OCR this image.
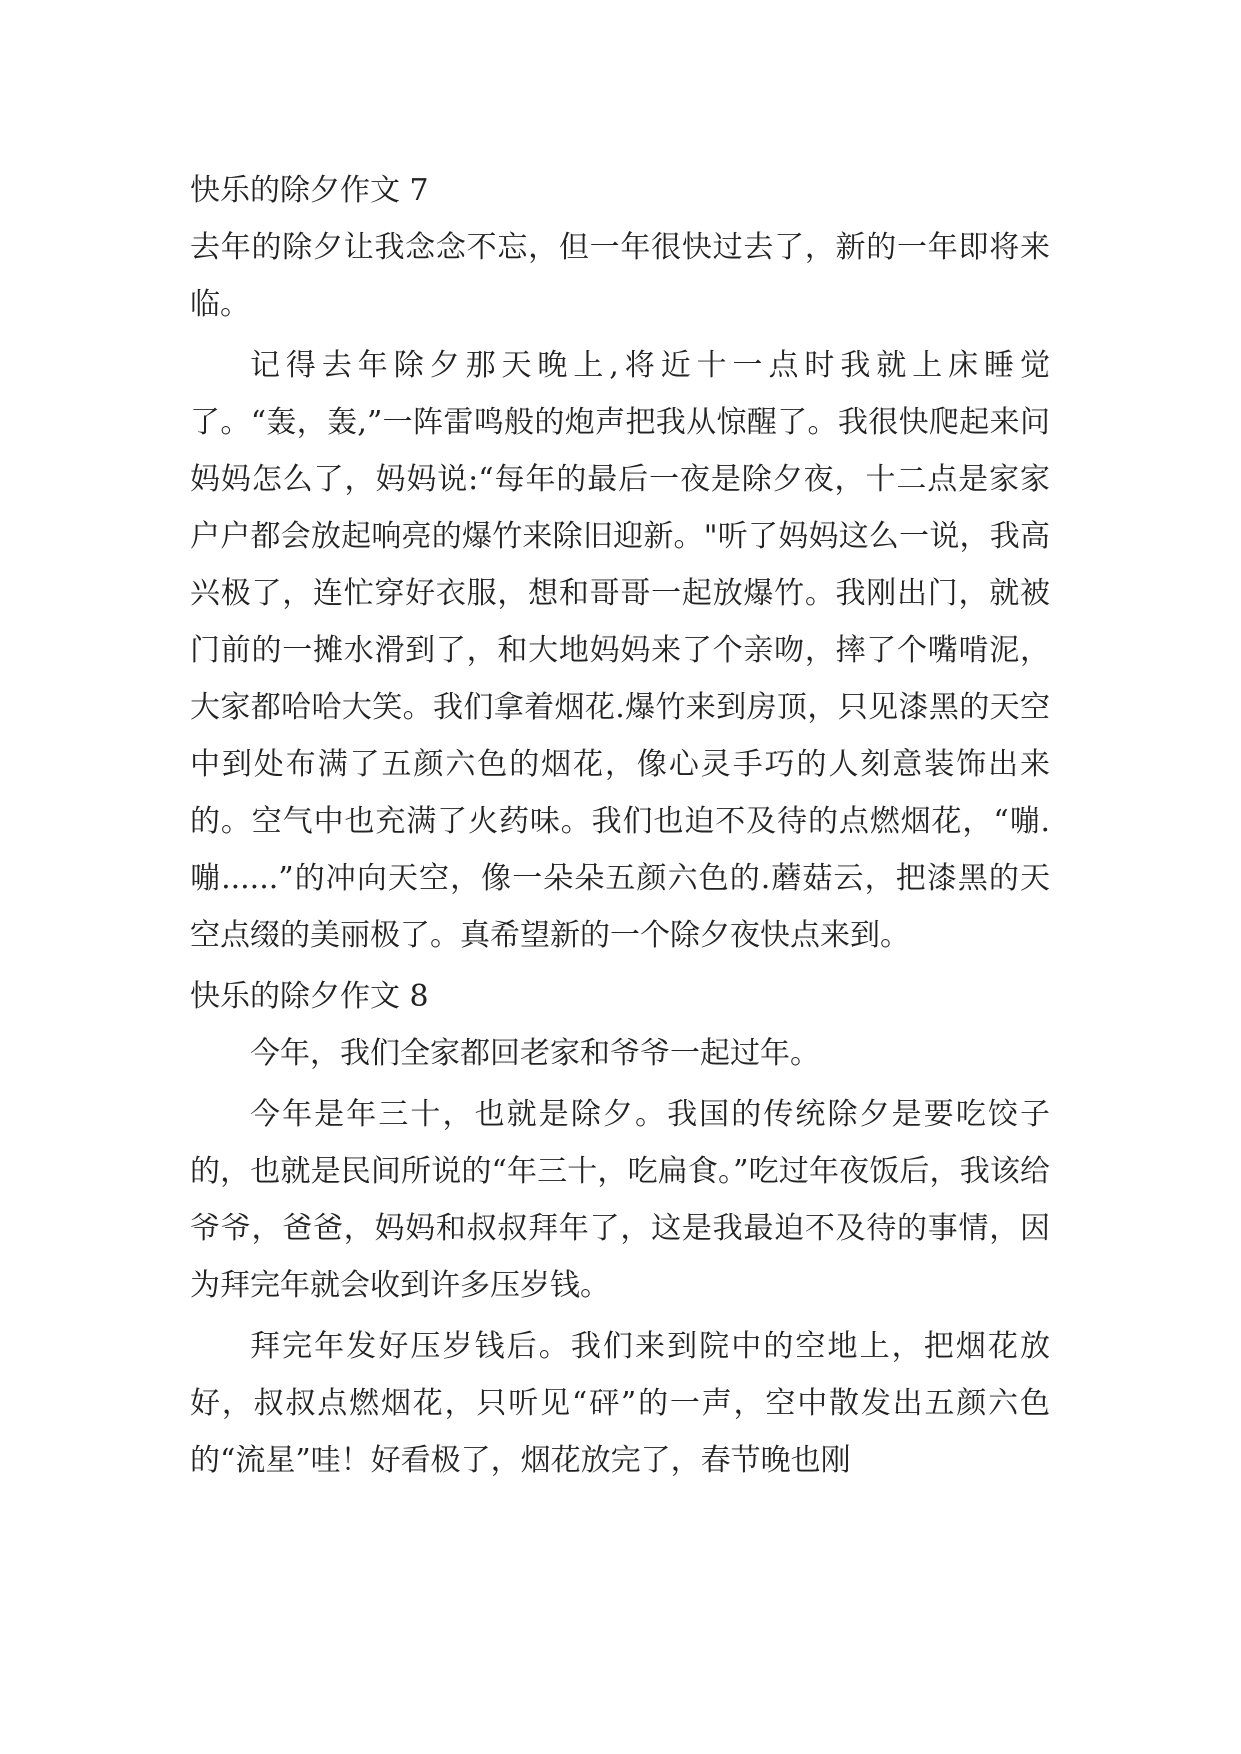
快乐的除夕作文 7

去年的除夕让我念念不忘，但一年很快过去了，新的一年即将来临。

记得去年除夕那天晚上,将近十一点时我就上床睡觉了。“轰，轰,”一阵雷鸣般的炮声把我从惊醒了。我很快爬起来问妈妈怎么了，妈妈说:“每年的最后一夜是除夕夜，十二点是家家户户都会放起响亮的爆竹来除旧迎新。"听了妈妈这么一说，我高兴极了，连忙穿好衣服，想和哥哥一起放爆竹。我刚出门，就被门前的一摊水滑到了，和大地妈妈来了个亲吻，摔了个嘴啃泥，大家都哈哈大笑。我们拿着烟花.爆竹来到房顶，只见漆黑的天空中到处布满了五颜六色的烟花，像心灵手巧的人刻意装饰出来的。空气中也充满了火药味。我们也迫不及待的点燃烟花，“嘣.嘣......”的冲向天空，像一朵朵五颜六色的.蘑菇云，把漆黑的天空点缀的美丽极了。真希望新的一个除夕夜快点来到。

快乐的除夕作文 8

今年，我们全家都回老家和爷爷一起过年。

今年是年三十，也就是除夕。我国的传统除夕是要吃饺子的，也就是民间所说的“年三十，吃扁食。”吃过年夜饭后，我该给爷爷，爸爸，妈妈和叔叔拜年了，这是我最迫不及待的事情，因为拜完年就会收到许多压岁钱。

拜完年发好压岁钱后。我们来到院中的空地上，把烟花放好，叔叔点燃烟花，只听见“砰”的一声，空中散发出五颜六色的“流星”哇！好看极了，烟花放完了，春节晚也刚
